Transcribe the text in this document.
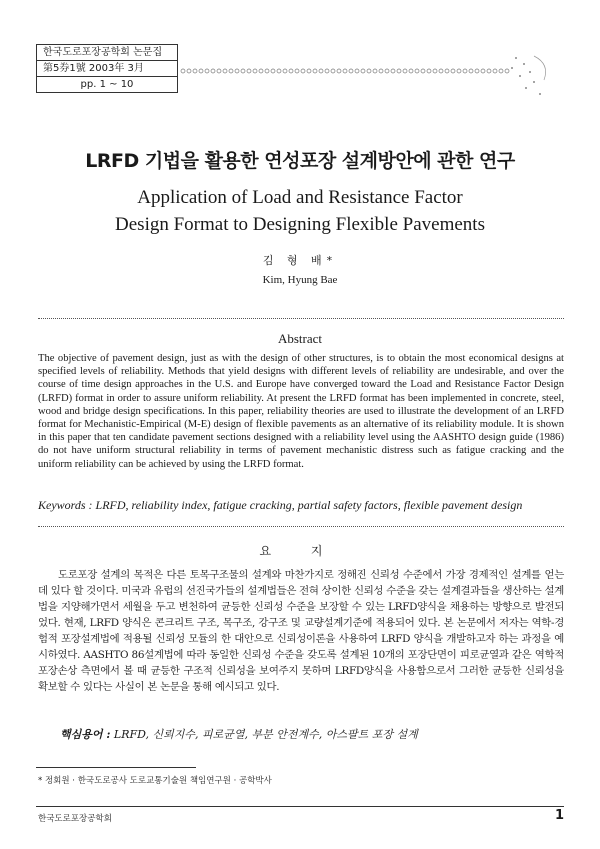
한국도로포장공학회 논문집
第5券1號 2003年 3月
pp. 1 ~ 10
LRFD 기법을 활용한 연성포장 설계방안에 관한 연구
Application of Load and Resistance Factor
Design Format to Designing Flexible Pavements
김 형 배*
Kim, Hyung Bae
Abstract
The objective of pavement design, just as with the design of other structures, is to obtain the most economical designs at specified levels of reliability. Methods that yield designs with different levels of reliability are undesirable, and over the course of time design approaches in the U.S. and Europe have converged toward the Load and Resistance Factor Design (LRFD) format in order to assure uniform reliability. At present the LRFD format has been implemented in concrete, steel, wood and bridge design specifications. In this paper, reliability theories are used to illustrate the development of an LRFD format for Mechanistic-Empirical (M-E) design of flexible pavements as an alternative of its reliability module. It is shown in this paper that ten candidate pavement sections designed with a reliability level using the AASHTO design guide (1986) do not have uniform structural reliability in terms of pavement mechanistic distress such as fatigue cracking and the uniform reliability can be achieved by using the LRFD format.
Keywords : LRFD, reliability index, fatigue cracking, partial safety factors, flexible pavement design
요 지
도로포장 설계의 목적은 다른 토목구조물의 설계와 마찬가지로 정해진 신뢰성 수준에서 가장 경제적인 설계를 얻는데 있다 할 것이다. 미국과 유럽의 선진국가들의 설계법들은 전혀 상이한 신뢰성 수준을 갖는 설계결과들을 생산하는 설계법을 지양해가면서 세월을 두고 변천하여 균등한 신뢰성 수준을 보장할 수 있는 LRFD양식을 채용하는 방향으로 발전되었다. 현재, LRFD 양식은 콘크리트 구조, 목구조, 강구조 및 교량설계기준에 적용되어 있다. 본 논문에서 저자는 역학-경험적 포장설계법에 적용될 신뢰성 모듈의 한 대안으로 신뢰성이론을 사용하여 LRFD 양식을 개발하고자 하는 과정을 예시하였다. AASHTO 86설계법에 따라 동일한 신뢰성 수준을 갖도록 설계된 10개의 포장단면이 피로균열과 같은 역학적 포장손상 측면에서 볼 때 균등한 구조적 신뢰성을 보여주지 못하며 LRFD양식을 사용함으로서 그러한 균등한 신뢰성을 확보할 수 있다는 사실이 본 논문을 통해 예시되고 있다.
핵심용어 : LRFD, 신뢰지수, 피로균열, 부분 안전계수, 아스팔트 포장 설계
* 정회원 · 한국도로공사 도로교통기술원 책임연구원 · 공학박사
한국도로포장공학회	1
